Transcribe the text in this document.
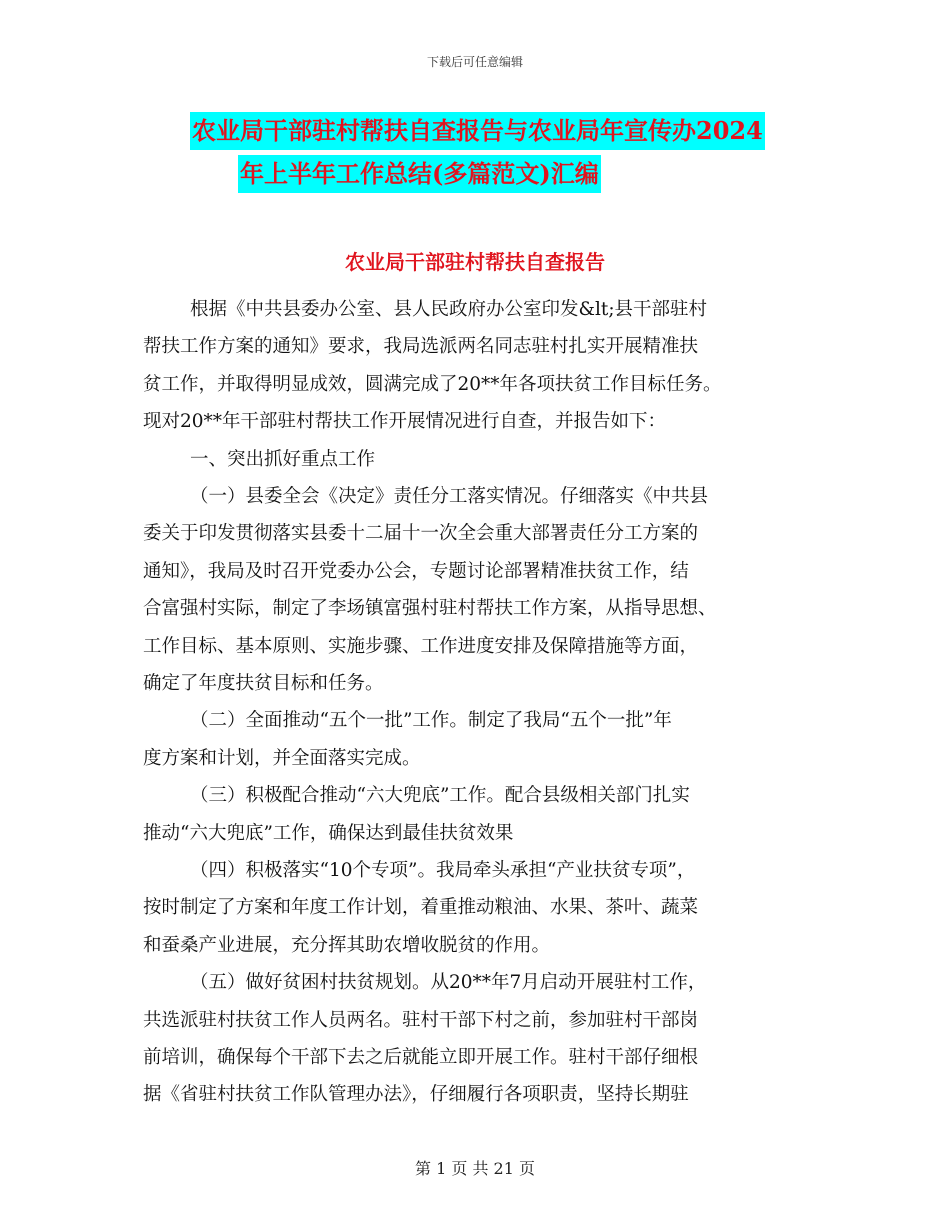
下载后可任意编辑
农业局干部驻村帮扶自查报告与农业局年宣传办2024
年上半年工作总结(多篇范文)汇编
农业局干部驻村帮扶自查报告
根据《中共县委办公室、县人民政府办公室印发&lt;县干部驻村
帮扶工作方案的通知》要求，我局选派两名同志驻村扎实开展精准扶
贫工作，并取得明显成效，圆满完成了20**年各项扶贫工作目标任务。
现对20**年干部驻村帮扶工作开展情况进行自查，并报告如下：
一、突出抓好重点工作
（一）县委全会《决定》责任分工落实情况。仔细落实《中共县
委关于印发贯彻落实县委十二届十一次全会重大部署责任分工方案的
通知》，我局及时召开党委办公会，专题讨论部署精准扶贫工作，结
合富强村实际，制定了李场镇富强村驻村帮扶工作方案，从指导思想、
工作目标、基本原则、实施步骤、工作进度安排及保障措施等方面，
确定了年度扶贫目标和任务。
（二）全面推动“五个一批”工作。制定了我局“五个一批”年
度方案和计划，并全面落实完成。
（三）积极配合推动“六大兜底”工作。配合县级相关部门扎实
推动“六大兜底”工作，确保达到最佳扶贫效果
（四）积极落实“10个专项”。我局牵头承担“产业扶贫专项”，
按时制定了方案和年度工作计划，着重推动粮油、水果、茶叶、蔬菜
和蚕桑产业进展，充分挥其助农增收脱贫的作用。
（五）做好贫困村扶贫规划。从20**年7月启动开展驻村工作，
共选派驻村扶贫工作人员两名。驻村干部下村之前，参加驻村干部岗
前培训，确保每个干部下去之后就能立即开展工作。驻村干部仔细根
据《省驻村扶贫工作队管理办法》，仔细履行各项职责，坚持长期驻
第 1 页 共 21 页
